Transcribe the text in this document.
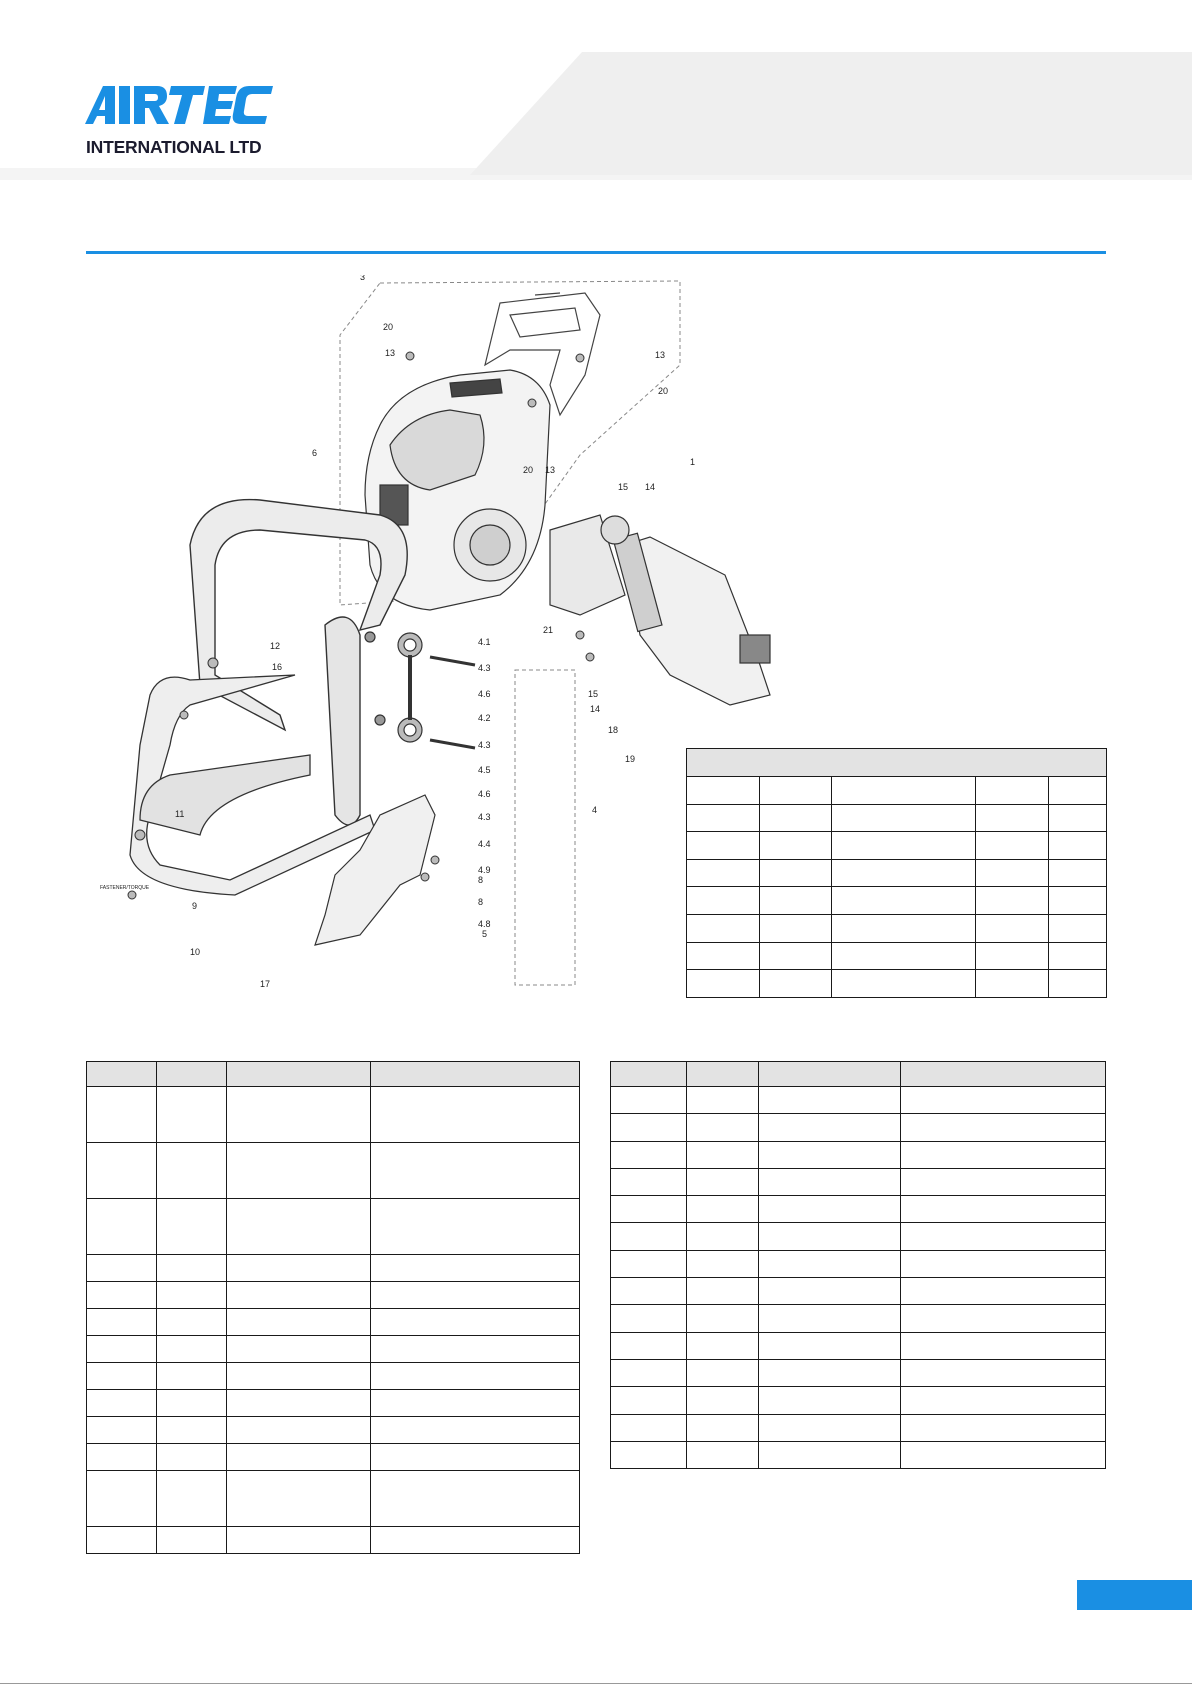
INTERNATIONAL LTD
1
3
4
4.1
4.2
4.3
4.3
4.3
4.4
4.5
4.6
4.6
4.8
4.9
5
6
8
8
9
10
11
12
13	13
13
14
14
15
15
16
17
18
19
20
20
20
21
FASTENER/TORQUE
